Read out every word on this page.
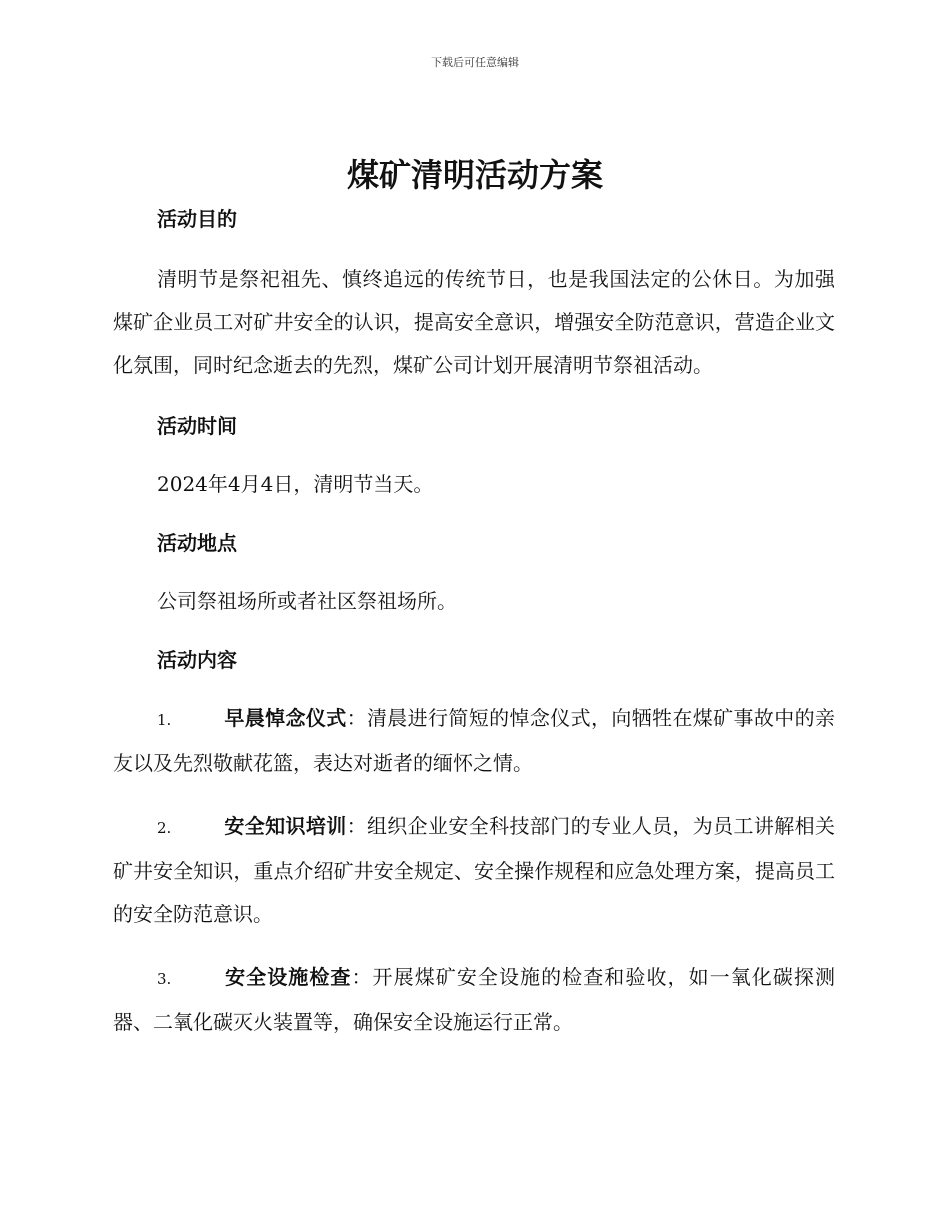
下载后可任意编辑
煤矿清明活动方案
活动目的

清明节是祭祀祖先、慎终追远的传统节日，也是我国法定的公休日。为加强煤矿企业员工对矿井安全的认识，提高安全意识，增强安全防范意识，营造企业文化氛围，同时纪念逝去的先烈，煤矿公司计划开展清明节祭祖活动。

活动时间

2024年4月4日，清明节当天。

活动地点

公司祭祖场所或者社区祭祖场所。

活动内容

1.	早晨悼念仪式：清晨进行简短的悼念仪式，向牺牲在煤矿事故中的亲友以及先烈敬献花篮，表达对逝者的缅怀之情。

2.	安全知识培训：组织企业安全科技部门的专业人员，为员工讲解相关矿井安全知识，重点介绍矿井安全规定、安全操作规程和应急处理方案，提高员工的安全防范意识。

3.	安全设施检查：开展煤矿安全设施的检查和验收，如一氧化碳探测器、二氧化碳灭火装置等，确保安全设施运行正常。
